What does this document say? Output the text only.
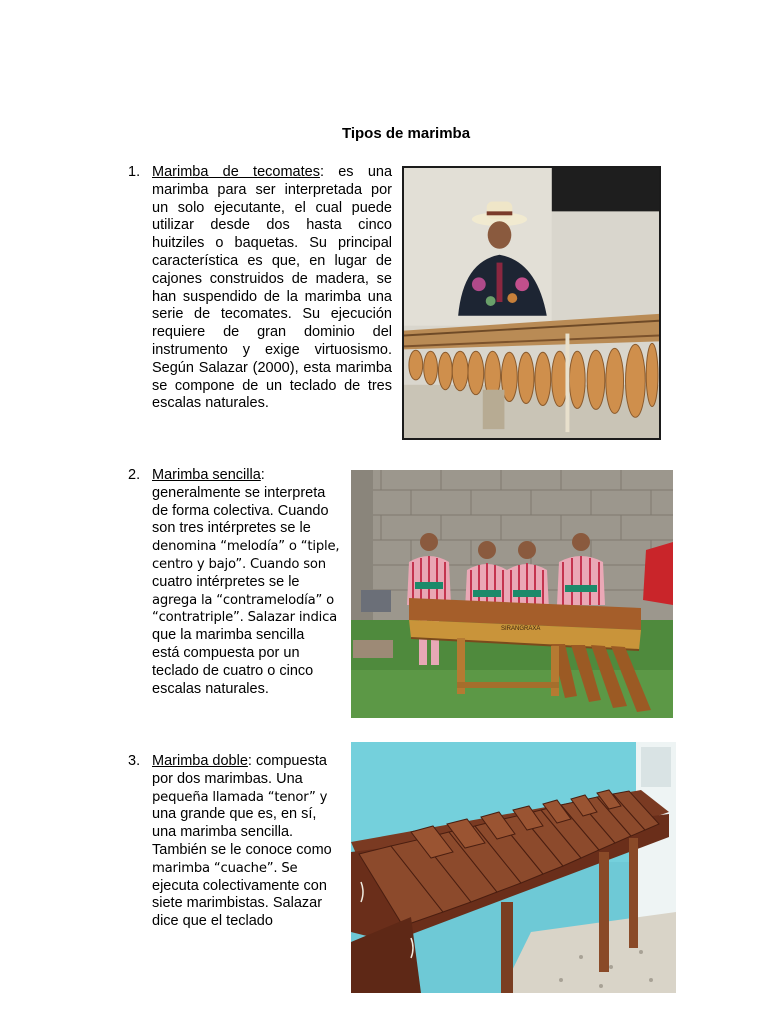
Tipos de marimba
1. Marimba de tecomates: es una marimba para ser interpretada por un solo ejecutante, el cual puede utilizar desde dos hasta cinco huitziles o baquetas. Su principal característica es que, en lugar de cajones construidos de madera, se han suspendido de la marimba una serie de tecomates. Su ejecución requiere de gran dominio del instrumento y exige virtuosismo. Según Salazar (2000), esta marimba se compone de un teclado de tres escalas naturales.
2. Marimba sencilla:
generalmente se interpreta
de forma colectiva. Cuando
son tres intérpretes se le
denomina “melodía” o “tiple,
centro y bajo”. Cuando son
cuatro intérpretes se le
agrega la “contramelodía” o
“contratriple”. Salazar indica
que la marimba sencilla
está compuesta por un
teclado de cuatro o cinco
escalas naturales.
SIRANGRAXA
3. Marimba doble: compuesta
por dos marimbas. Una
pequeña llamada “tenor” y
una grande que es, en sí,
una marimba sencilla.
También se le conoce como
marimba “cuache”. Se
ejecuta colectivamente con
siete marimbistas. Salazar
dice que el teclado
